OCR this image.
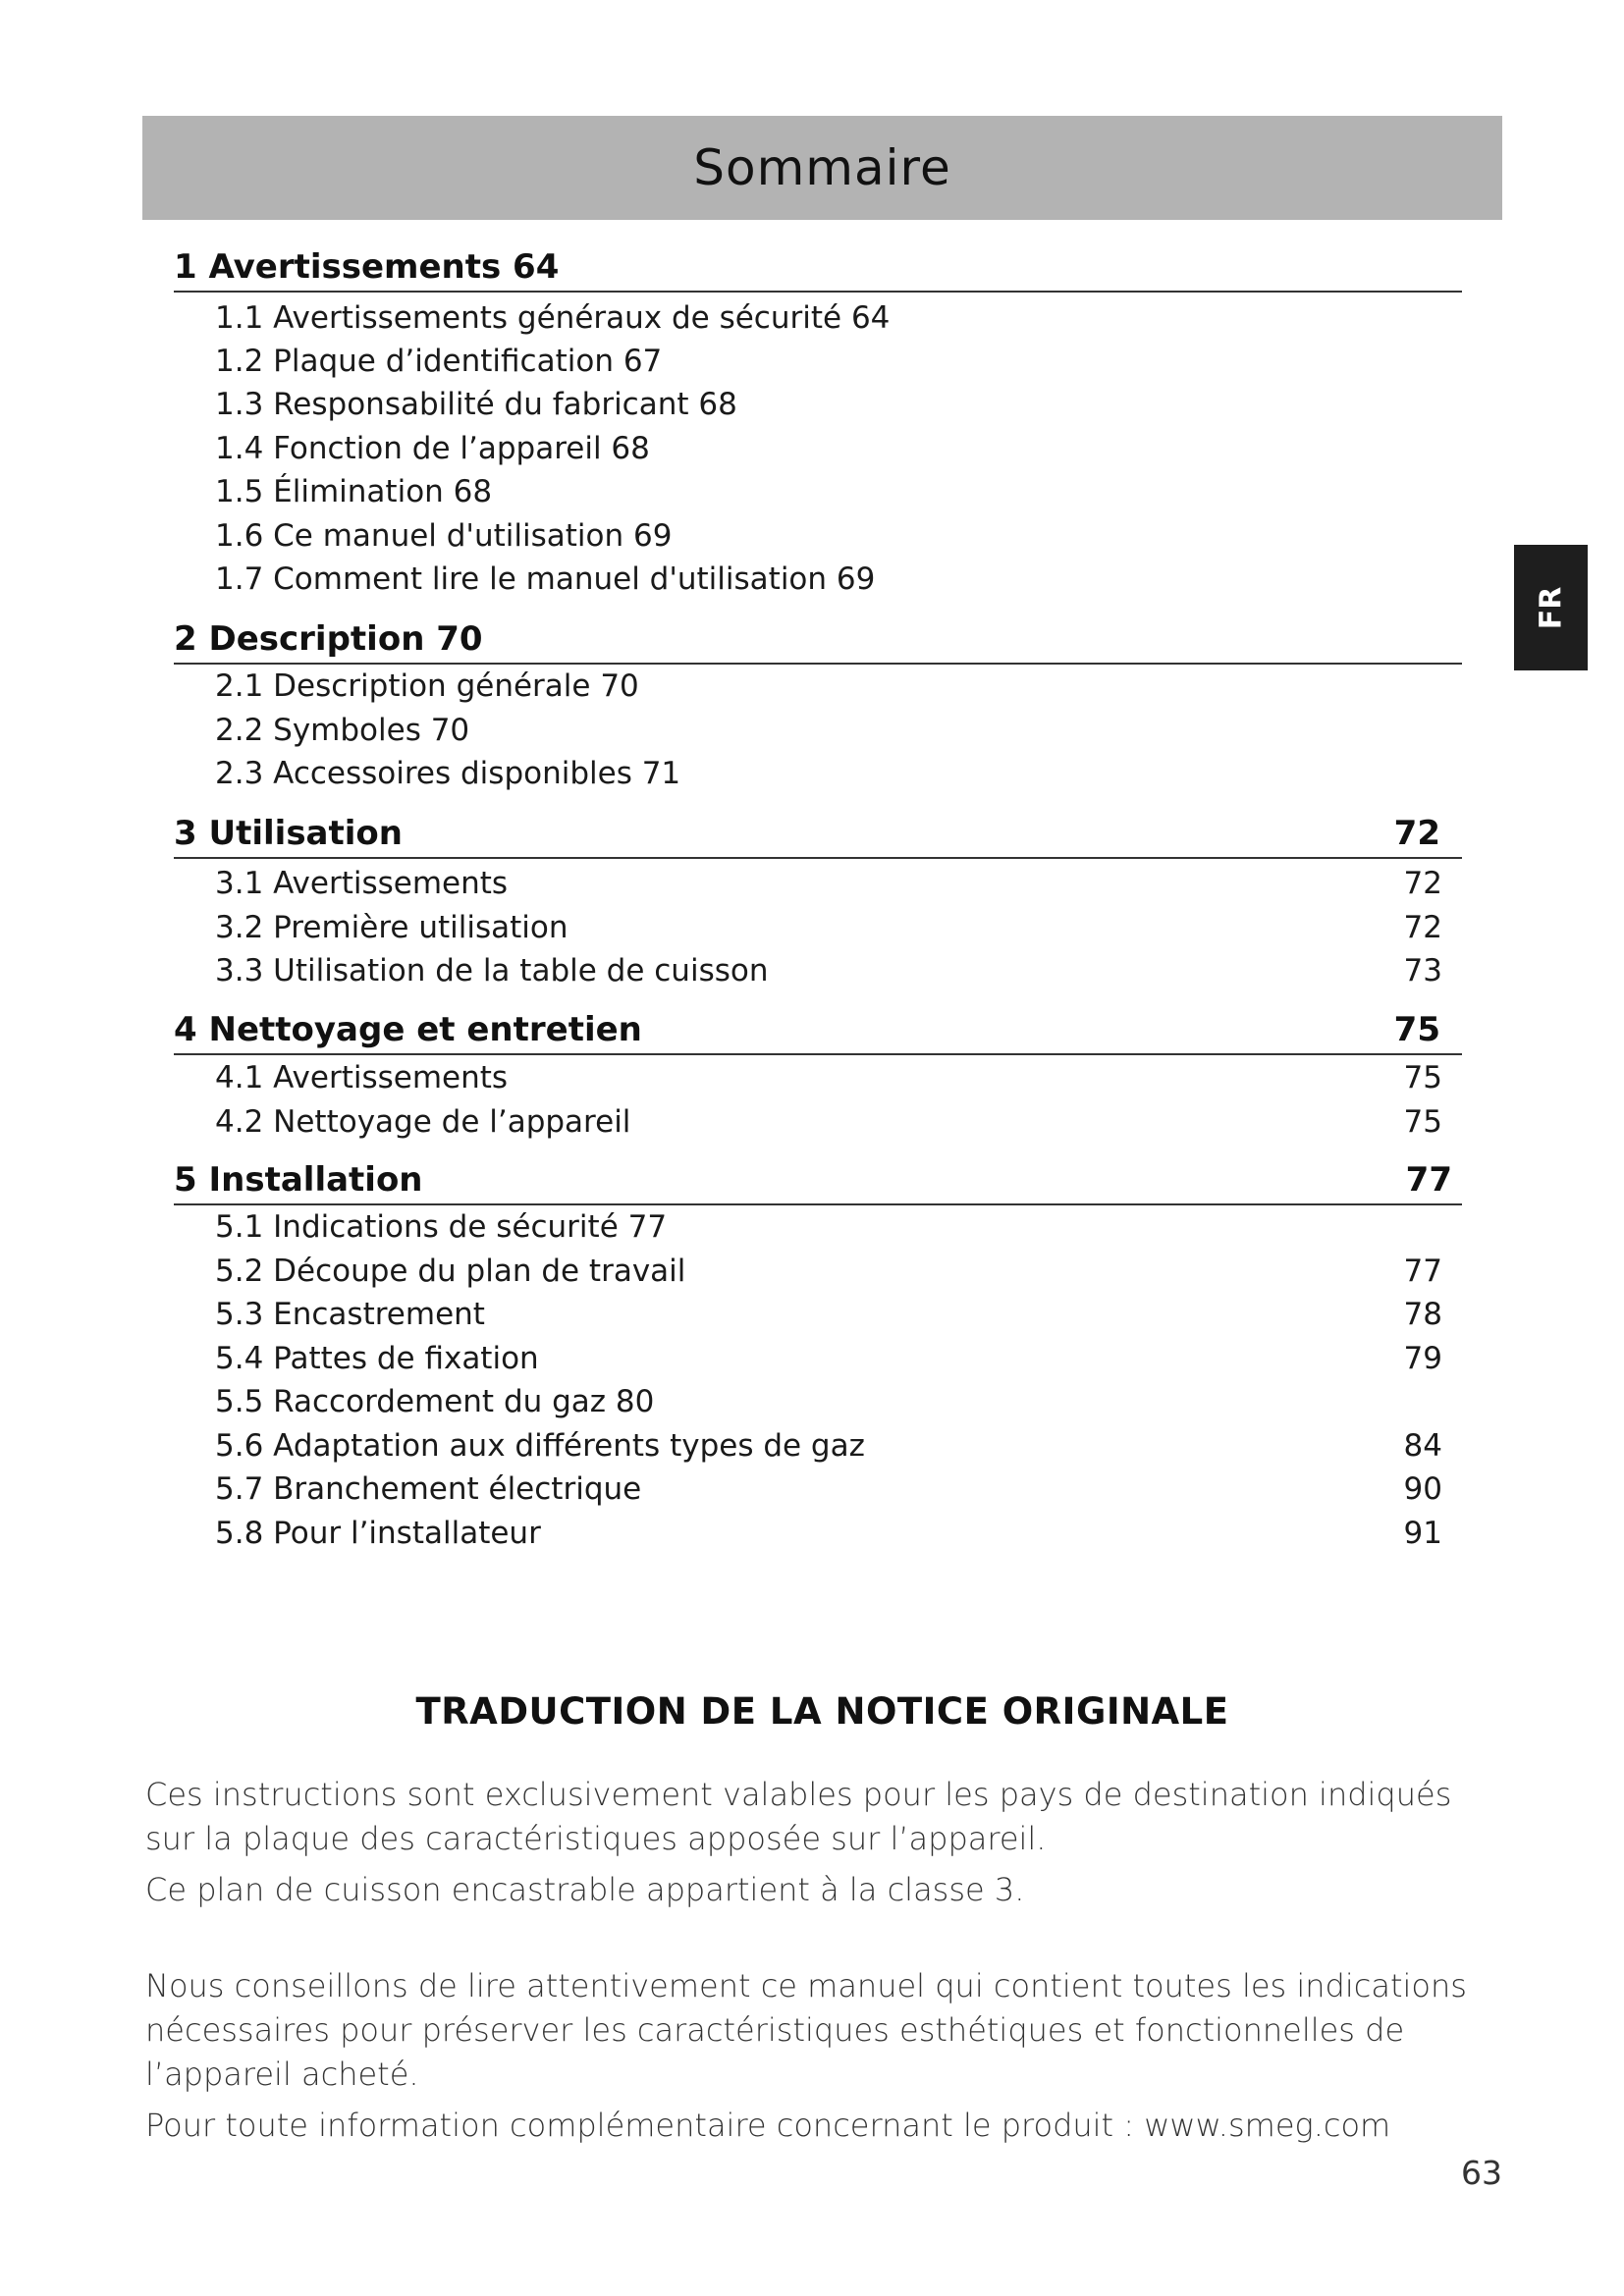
Sommaire
FR
1 Avertissements 64
1.1 Avertissements généraux de sécurité 64
1.2 Plaque d’identification 67
1.3 Responsabilité du fabricant 68
1.4 Fonction de l’appareil 68
1.5 Élimination 68
1.6 Ce manuel d'utilisation 69
1.7 Comment lire le manuel d'utilisation 69
2 Description 70
2.1 Description générale 70
2.2 Symboles 70
2.3 Accessoires disponibles 71
3 Utilisation	72
3.1 Avertissements	72
3.2 Première utilisation	72
3.3 Utilisation de la table de cuisson	73
4 Nettoyage et entretien	75
4.1 Avertissements	75
4.2 Nettoyage de l’appareil	75
5 Installation	77
5.1 Indications de sécurité 77
5.2 Découpe du plan de travail	77
5.3 Encastrement	78
5.4 Pattes de fixation	79
5.5 Raccordement du gaz 80
5.6 Adaptation aux différents types de gaz	84
5.7 Branchement électrique	90
5.8 Pour l’installateur	91
TRADUCTION DE LA NOTICE ORIGINALE
Ces instructions sont exclusivement valables pour les pays de destination indiqués sur la plaque des caractéristiques apposée sur l’appareil.
Ce plan de cuisson encastrable appartient à la classe 3.
Nous conseillons de lire attentivement ce manuel qui contient toutes les indications nécessaires pour préserver les caractéristiques esthétiques et fonctionnelles de l’appareil acheté.
Pour toute information complémentaire concernant le produit : www.smeg.com
63
